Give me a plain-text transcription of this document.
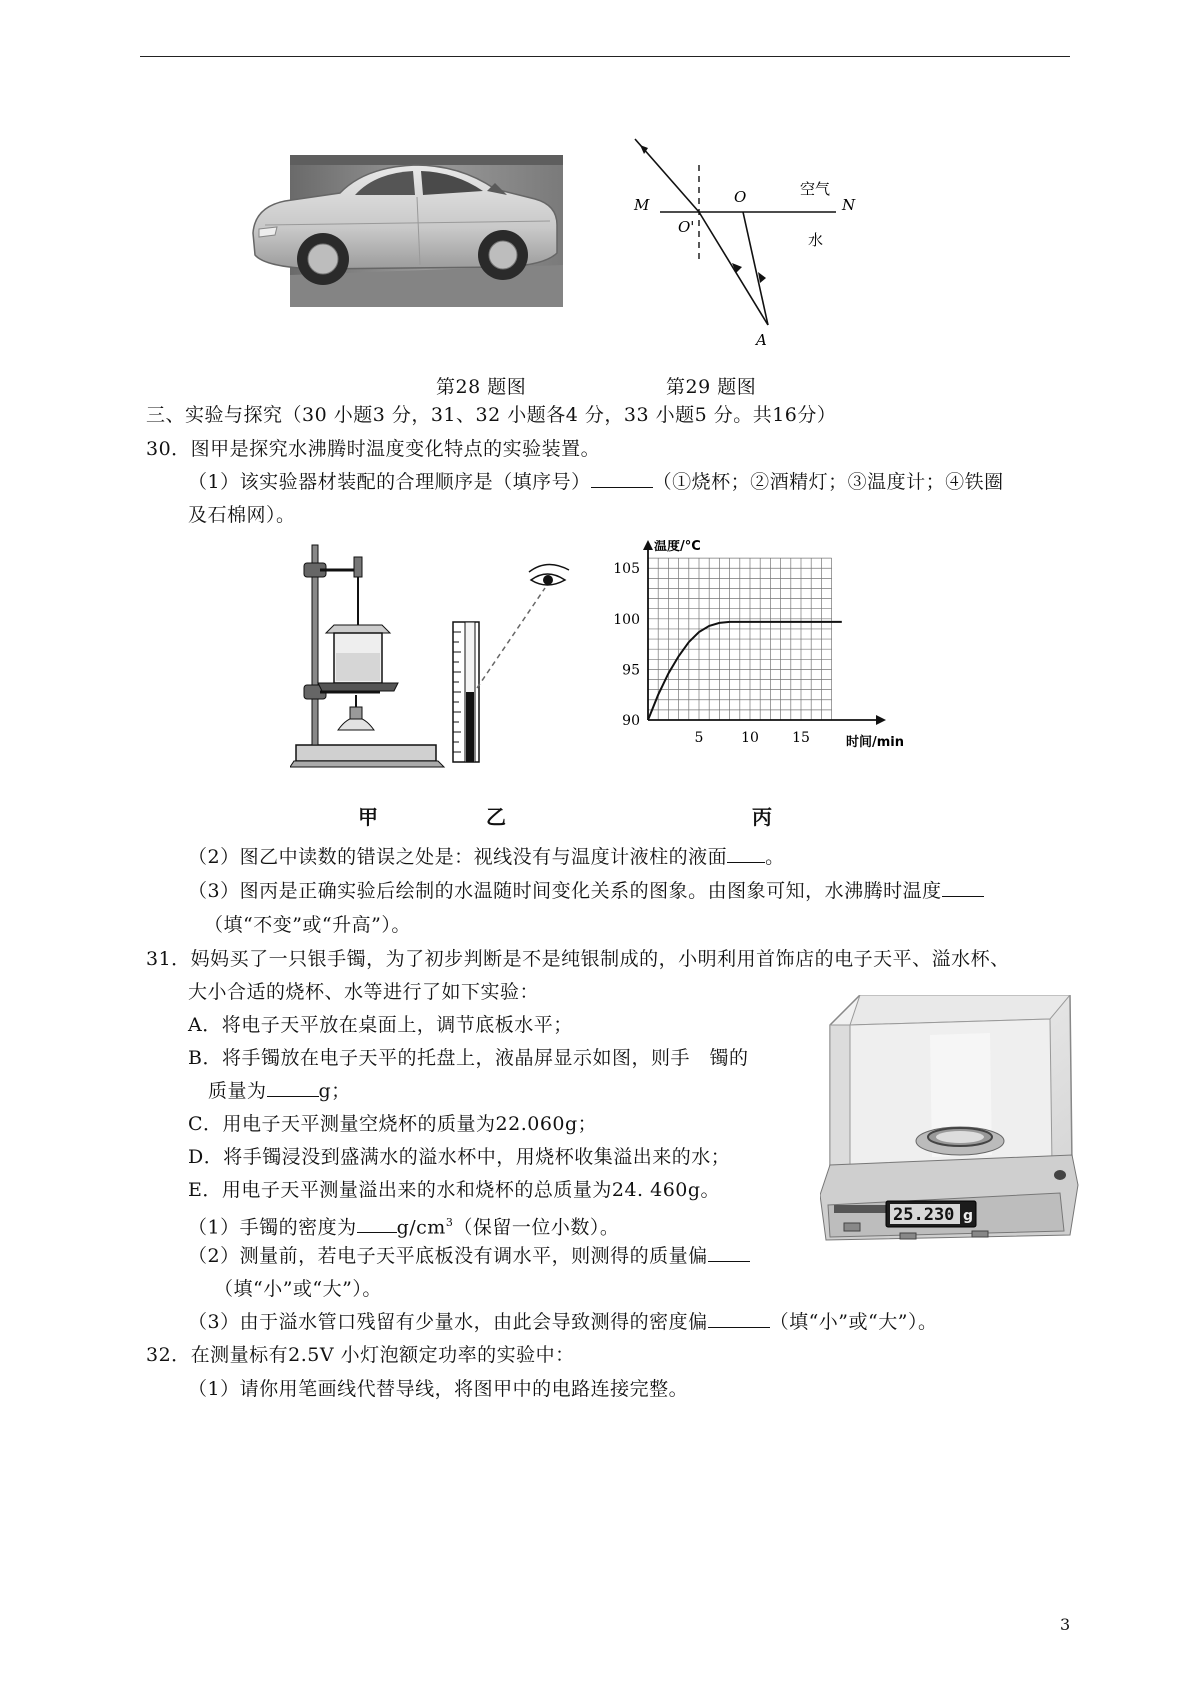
M	N
O
O'
A
空气
水
第28 题图	第29 题图
三、实验与探究（30 小题3 分，31、32 小题各4 分，33 小题5 分。共16分）
30．图甲是探究水沸腾时温度变化特点的实验装置。
（1）该实验器材装配的合理顺序是（填序号）	（①烧杯；②酒精灯；③温度计；④铁圈
及石棉网）。
90
95
100
105
5	10 15
温度/°C
时间/min
甲	乙	丙
（2）图乙中读数的错误之处是：视线没有与温度计液柱的液面 。
（3）图丙是正确实验后绘制的水温随时间变化关系的图象。由图象可知，水沸腾时温度
（填“不变”或“升高”）。
31．妈妈买了一只银手镯，为了初步判断是不是纯银制成的，小明利用首饰店的电子天平、溢水杯、
大小合适的烧杯、水等进行了如下实验：
A．将电子天平放在桌面上，调节底板水平；
B．将手镯放在电子天平的托盘上，液晶屏显示如图，则手　镯的
质量为	g；
C．用电子天平测量空烧杯的质量为22.060g；
D．将手镯浸没到盛满水的溢水杯中，用烧杯收集溢出来的水；
E．用电子天平测量溢出来的水和烧杯的总质量为24. 460g。
（1）手镯的密度为 $g/cm^3$（保留一位小数）。
（2）测量前，若电子天平底板没有调水平，则测得的质量偏
（填“小”或“大”）。
（3）由于溢水管口残留有少量水，由此会导致测得的密度偏	（填“小”或“大”）。
32．在测量标有2.5V 小灯泡额定功率的实验中：
（1）请你用笔画线代替导线，将图甲中的电路连接完整。
25.230 g
3
